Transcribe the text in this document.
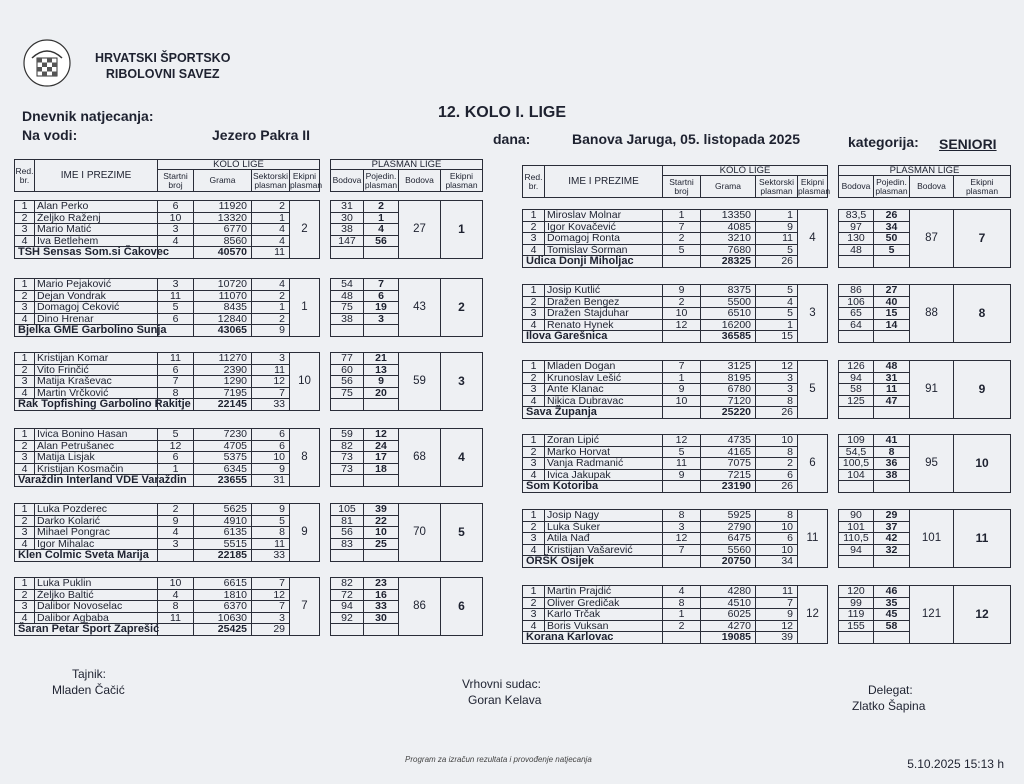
HRVATSKI ŠPORTSKO
RIBOLOVNI SAVEZ
Dnevnik natjecanja:
Na vodi:	Jezero Pakra II
12. KOLO I. LIGE
dana:	Banova Jaruga, 05. listopada 2025	kategorija: SENIORI
Red.
br.	IME I PREZIME	KOLO LIGE					PLASMAN LIGE			
		Startni
broj	Grama	Sektorski
plasman	Ekipni
plasman		Bodova	Pojedin.
plasman	Bodova	Ekipni
plasman
Red.
br.	IME I PREZIME	KOLO LIGE					PLASMAN LIGE			
		Startni
broj	Grama	Sektorski
plasman	Ekipni
plasman		Bodova	Pojedin.
plasman	Bodova	Ekipni
plasman
1	Alan Perko	6	11920	2	2		31	2	27	1
2	Željko Raženj	10	13320	1			30	1		
3	Mario Matić	3	6770	4			38	4		
4	Iva Betlehem	4	8560	4			147	56		
TSH Sensas Som.si Čakovec			40570	11						
1	Mario Pejaković	3	10720	4	1		54	7	43	2
2	Dejan Vondrak	11	11070	2			48	6		
3	Domagoj Čeković	5	8435	1			75	19		
4	Dino Hrenar	6	12840	2			38	3		
Bjelka GME Garbolino Sunja			43065	9						
1	Kristijan Komar	11	11270	3	10		77	21	59	3
2	Vito Frinčić	6	2390	11			60	13		
3	Matija Kraševac	7	1290	12			56	9		
4	Martin Vrčković	8	7195	7			75	20		
Rak Topfishing Garbolino Rakitje			22145	33						
1	Ivica Bonino Hasan	5	7230	6	8		59	12	68	4
2	Alan Petrušanec	12	4705	6			82	24		
3	Matija Lisjak	6	5375	10			73	17		
4	Kristijan Kosmačin	1	6345	9			73	18		
Varaždin Interland VDE Varaždin			23655	31						
1	Luka Pozderec	2	5625	9	9		105	39	70	5
2	Darko Kolarić	9	4910	5			81	22		
3	Mihael Pongrac	4	6135	8			56	10		
4	Igor Mihalac	3	5515	11			83	25		
Klen Colmic Sveta Marija			22185	33						
1	Luka Puklin	10	6615	7	7		82	23	86	6
2	Željko Baltić	4	1810	12			72	16		
3	Dalibor Novoselac	8	6370	7			94	33		
4	Dalibor Agbaba	11	10630	3			92	30		
Šaran Petar Šport Zaprešić			25425	29						
1	Miroslav Molnar	1	13350	1	4		83,5	26	87	7
2	Igor Kovačević	7	4085	9			97	34		
3	Domagoj Ronta	2	3210	11			130	50		
4	Tomislav Šorman	5	7680	5			48	5		
Udica Donji Miholjac			28325	26						
1	Josip Kutlić	9	8375	5	3		86	27	88	8
2	Dražen Bengez	2	5500	4			106	40		
3	Dražen Štajduhar	10	6510	5			65	15		
4	Renato Hynek	12	16200	1			64	14		
Ilova Garešnica			36585	15						
1	Mladen Dogan	7	3125	12	5		126	48	91	9
2	Krunoslav Lešić	1	8195	3			94	31		
3	Ante Klanac	9	6780	3			58	11		
4	Nikica Dubravac	10	7120	8			125	47		
Sava Županja			25220	26						
1	Zoran Lipić	12	4735	10	6		109	41	95	10
2	Marko Horvat	5	4165	8			54,5	8		
3	Vanja Radmanić	11	7075	2			100,5	36		
4	Ivica Jakupak	9	7215	6			104	38		
Som Kotoriba			23190	26						
1	Josip Nagy	8	5925	8	11		90	29	101	11
2	Luka Šuker	3	2790	10			101	37		
3	Atila Nađ	12	6475	6			110,5	42		
4	Kristijan Vašarević	7	5560	10			94	32		
ORŠK Osijek			20750	34						
1	Martin Prajdić	4	4280	11	12		120	46	121	12
2	Oliver Gredičak	8	4510	7			99	35		
3	Karlo Trčak	1	6025	9			119	45		
4	Boris Vuksan	2	4270	12			155	58		
Korana Karlovac			19085	39						
Tajnik:
Mladen Čačić	Vrhovni sudac:
Goran Kelava
Delegat:
Zlatko Šapina
Program za izračun rezultata i provođenje natjecanja	5.10.2025 15:13 h
